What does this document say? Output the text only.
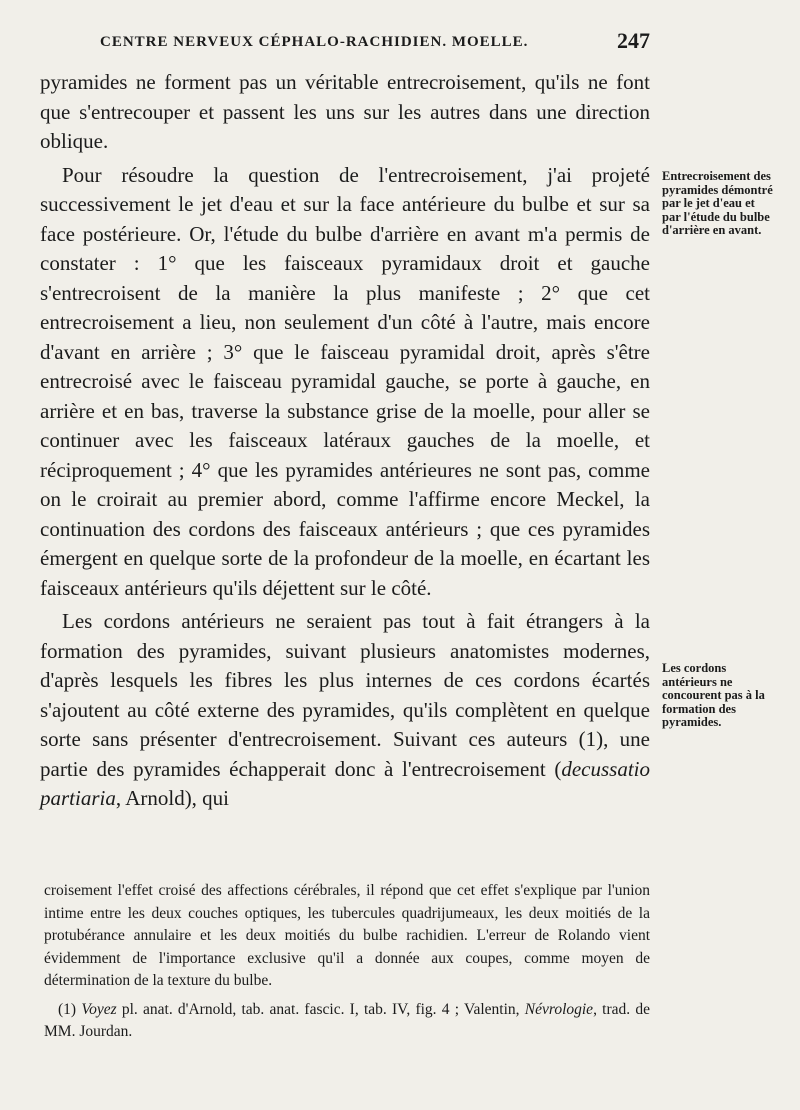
CENTRE NERVEUX CÉPHALO-RACHIDIEN. MOELLE.	247

pyramides ne forment pas un véritable entrecroisement, qu'ils ne font que s'entrecouper et passent les uns sur les autres dans une direction oblique.

Pour résoudre la question de l'entrecroisement, j'ai projeté successivement le jet d'eau et sur la face antérieure du bulbe et sur sa face postérieure. Or, l'étude du bulbe d'arrière en avant m'a permis de constater : 1° que les faisceaux pyramidaux droit et gauche s'entrecroisent de la manière la plus manifeste ; 2° que cet entrecroisement a lieu, non seulement d'un côté à l'autre, mais encore d'avant en arrière ; 3° que le faisceau pyramidal droit, après s'être entrecroisé avec le faisceau pyramidal gauche, se porte à gauche, en arrière et en bas, traverse la substance grise de la moelle, pour aller se continuer avec les faisceaux latéraux gauches de la moelle, et réciproquement ; 4° que les pyramides antérieures ne sont pas, comme on le croirait au premier abord, comme l'affirme encore Meckel, la continuation des cordons des faisceaux antérieurs ; que ces pyramides émergent en quelque sorte de la profondeur de la moelle, en écartant les faisceaux antérieurs qu'ils déjettent sur le côté.

Les cordons antérieurs ne seraient pas tout à fait étrangers à la formation des pyramides, suivant plusieurs anatomistes modernes, d'après lesquels les fibres les plus internes de ces cordons écartés s'ajoutent au côté externe des pyramides, qu'ils complètent en quelque sorte sans présenter d'entrecroisement. Suivant ces auteurs (1), une partie des pyramides échapperait donc à l'entrecroisement (decussatio partiaria, Arnold), qui

Entrecroisement des pyramides démontré par le jet d'eau et par l'étude du bulbe d'arrière en avant.
Les cordons antérieurs ne concourent pas à la formation des pyramides.

croisement l'effet croisé des affections cérébrales, il répond que cet effet s'explique par l'union intime entre les deux couches optiques, les tubercules quadrijumeaux, les deux moitiés de la protubérance annulaire et les deux moitiés du bulbe rachidien. L'erreur de Rolando vient évidemment de l'importance exclusive qu'il a donnée aux coupes, comme moyen de détermination de la texture du bulbe.

(1) Voyez pl. anat. d'Arnold, tab. anat. fascic. I, tab. IV, fig. 4 ; Valentin, Névrologie, trad. de MM. Jourdan.
